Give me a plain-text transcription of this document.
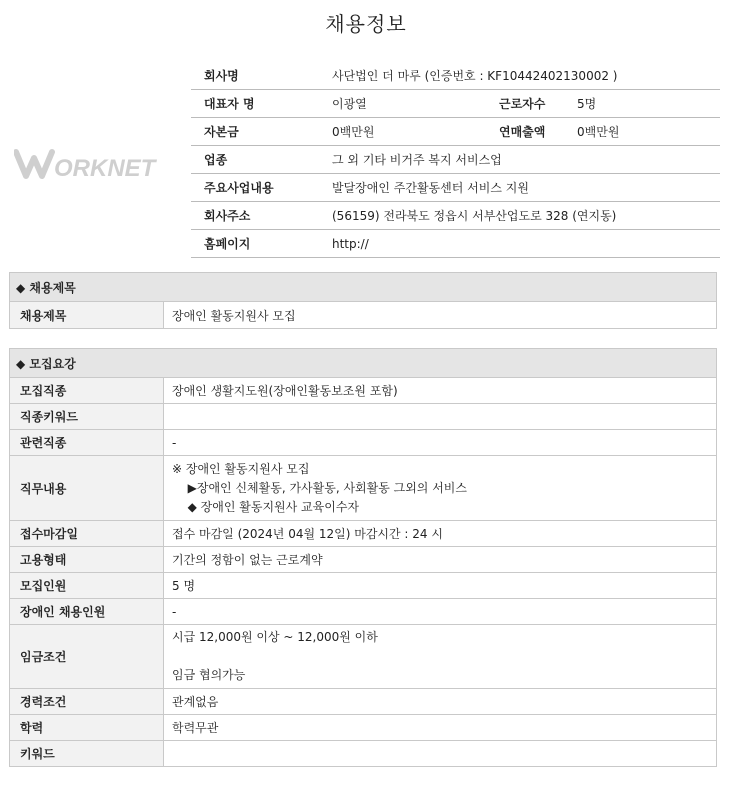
채용정보
ORKNET
회사명	사단법인 더 마루 (인증번호 : KF10442402130002 )		
대표자 명	이광열	근로자수	5명
자본금	0백만원	연매출액	0백만원
업종	그 외 기타 비거주 복지 서비스업		
주요사업내용	발달장애인 주간활동센터 서비스 지원		
회사주소	(56159) 전라북도 정읍시 서부산업도로 328 (연지동)		
홈페이지	http://		
◆ 채용제목
채용제목	장애인 활동지원사 모집
◆ 모집요강	
모집직종	장애인 생활지도원(장애인활동보조원 포함)
직종키워드	
관련직종	-
직무내용	※ 장애인 활동지원사 모집
▶장애인 신체활동, 가사활동, 사회활동 그외의 서비스
◆ 장애인 활동지원사 교육이수자

접수마감일	접수 마감일 (2024년 04월 12일) 마감시간 : 24 시
고용형태	기간의 정함이 없는 근로계약
모집인원	5 명
장애인 채용인원	-
임금조건	시급 12,000원 이상 ~ 12,000원 이하
임금 협의가능

경력조건	관계없음
학력	학력무관
키워드	
